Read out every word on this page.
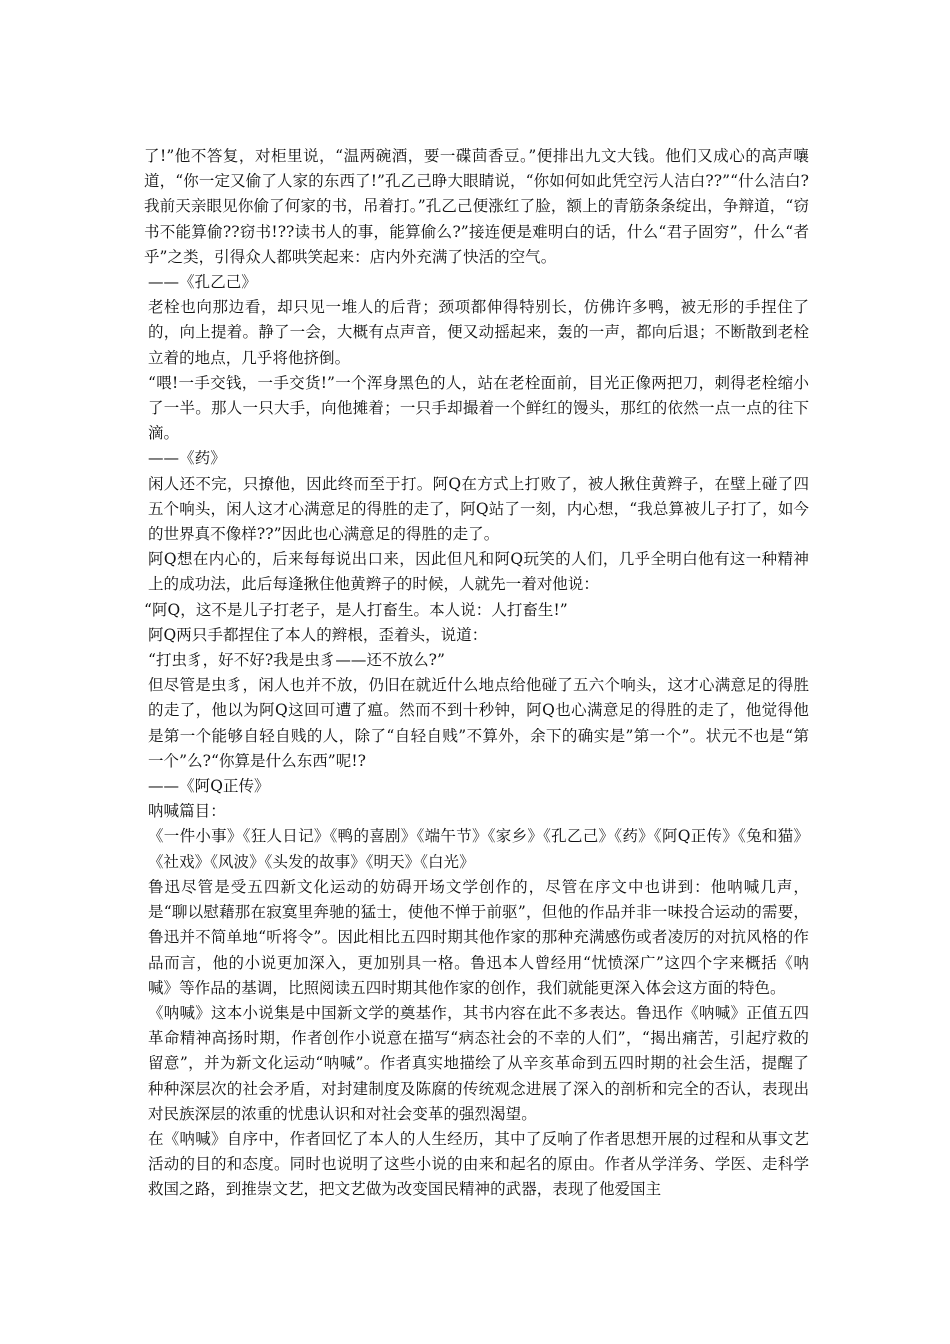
了!”他不答复，对柜里说，“温两碗酒，要一碟茴香豆。”便排出九文大钱。他们又成心的高声嚷道，“你一定又偷了人家的东西了!”孔乙己睁大眼睛说，“你如何如此凭空污人洁白??”“什么洁白?我前天亲眼见你偷了何家的书，吊着打。”孔乙己便涨红了脸，额上的青筋条条绽出，争辩道，“窃书不能算偷??窃书!??读书人的事，能算偷么?”接连便是难明白的话，什么“君子固穷”，什么“者乎”之类，引得众人都哄笑起来：店内外充满了快活的空气。

——《孔乙己》

老栓也向那边看，却只见一堆人的后背；颈项都伸得特别长，仿佛许多鸭，被无形的手捏住了的，向上提着。静了一会，大概有点声音，便又动摇起来，轰的一声，都向后退；不断散到老栓立着的地点，几乎将他挤倒。

“喂!一手交钱，一手交货!”一个浑身黑色的人，站在老栓面前，目光正像两把刀，刺得老栓缩小了一半。那人一只大手，向他摊着；一只手却撮着一个鲜红的馒头，那红的依然一点一点的往下滴。

——《药》

闲人还不完，只撩他，因此终而至于打。阿Q在方式上打败了，被人揪住黄辫子，在壁上碰了四五个响头，闲人这才心满意足的得胜的走了，阿Q站了一刻，内心想，“我总算被儿子打了，如今的世界真不像样??”因此也心满意足的得胜的走了。

阿Q想在内心的，后来每每说出口来，因此但凡和阿Q玩笑的人们，几乎全明白他有这一种精神上的成功法，此后每逢揪住他黄辫子的时候，人就先一着对他说：

“阿Q，这不是儿子打老子，是人打畜生。本人说：人打畜生!”

阿Q两只手都捏住了本人的辫根，歪着头，说道：

“打虫豸，好不好?我是虫豸——还不放么?”

但尽管是虫豸，闲人也并不放，仍旧在就近什么地点给他碰了五六个响头，这才心满意足的得胜的走了，他以为阿Q这回可遭了瘟。然而不到十秒钟，阿Q也心满意足的得胜的走了，他觉得他是第一个能够自轻自贱的人，除了“自轻自贱”不算外，余下的确实是”第一个”。状元不也是“第一个”么?“你算是什么东西”呢!?

——《阿Q正传》

呐喊篇目：

《一件小事》《狂人日记》《鸭的喜剧》《端午节》《家乡》《孔乙己》《药》《阿Q正传》《兔和猫》《社戏》《风波》《头发的故事》《明天》《白光》

鲁迅尽管是受五四新文化运动的妨碍开场文学创作的，尽管在序文中也讲到：他呐喊几声，是“聊以慰藉那在寂寞里奔驰的猛士，使他不惮于前驱”，但他的作品并非一味投合运动的需要，鲁迅并不简单地“听将令”。因此相比五四时期其他作家的那种充满感伤或者凌厉的对抗风格的作品而言，他的小说更加深入，更加别具一格。鲁迅本人曾经用“忧愤深广”这四个字来概括《呐喊》等作品的基调，比照阅读五四时期其他作家的创作，我们就能更深入体会这方面的特色。

《呐喊》这本小说集是中国新文学的奠基作，其书内容在此不多表达。鲁迅作《呐喊》正值五四革命精神高扬时期，作者创作小说意在描写“病态社会的不幸的人们”，“揭出痛苦，引起疗救的留意”，并为新文化运动“呐喊”。作者真实地描绘了从辛亥革命到五四时期的社会生活，提醒了种种深层次的社会矛盾，对封建制度及陈腐的传统观念进展了深入的剖析和完全的否认，表现出对民族深层的浓重的忧患认识和对社会变革的强烈渴望。

在《呐喊》自序中，作者回忆了本人的人生经历，其中了反响了作者思想开展的过程和从事文艺活动的目的和态度。同时也说明了这些小说的由来和起名的原由。作者从学洋务、学医、走科学救国之路，到推崇文艺，把文艺做为改变国民精神的武器，表现了他爱国主
